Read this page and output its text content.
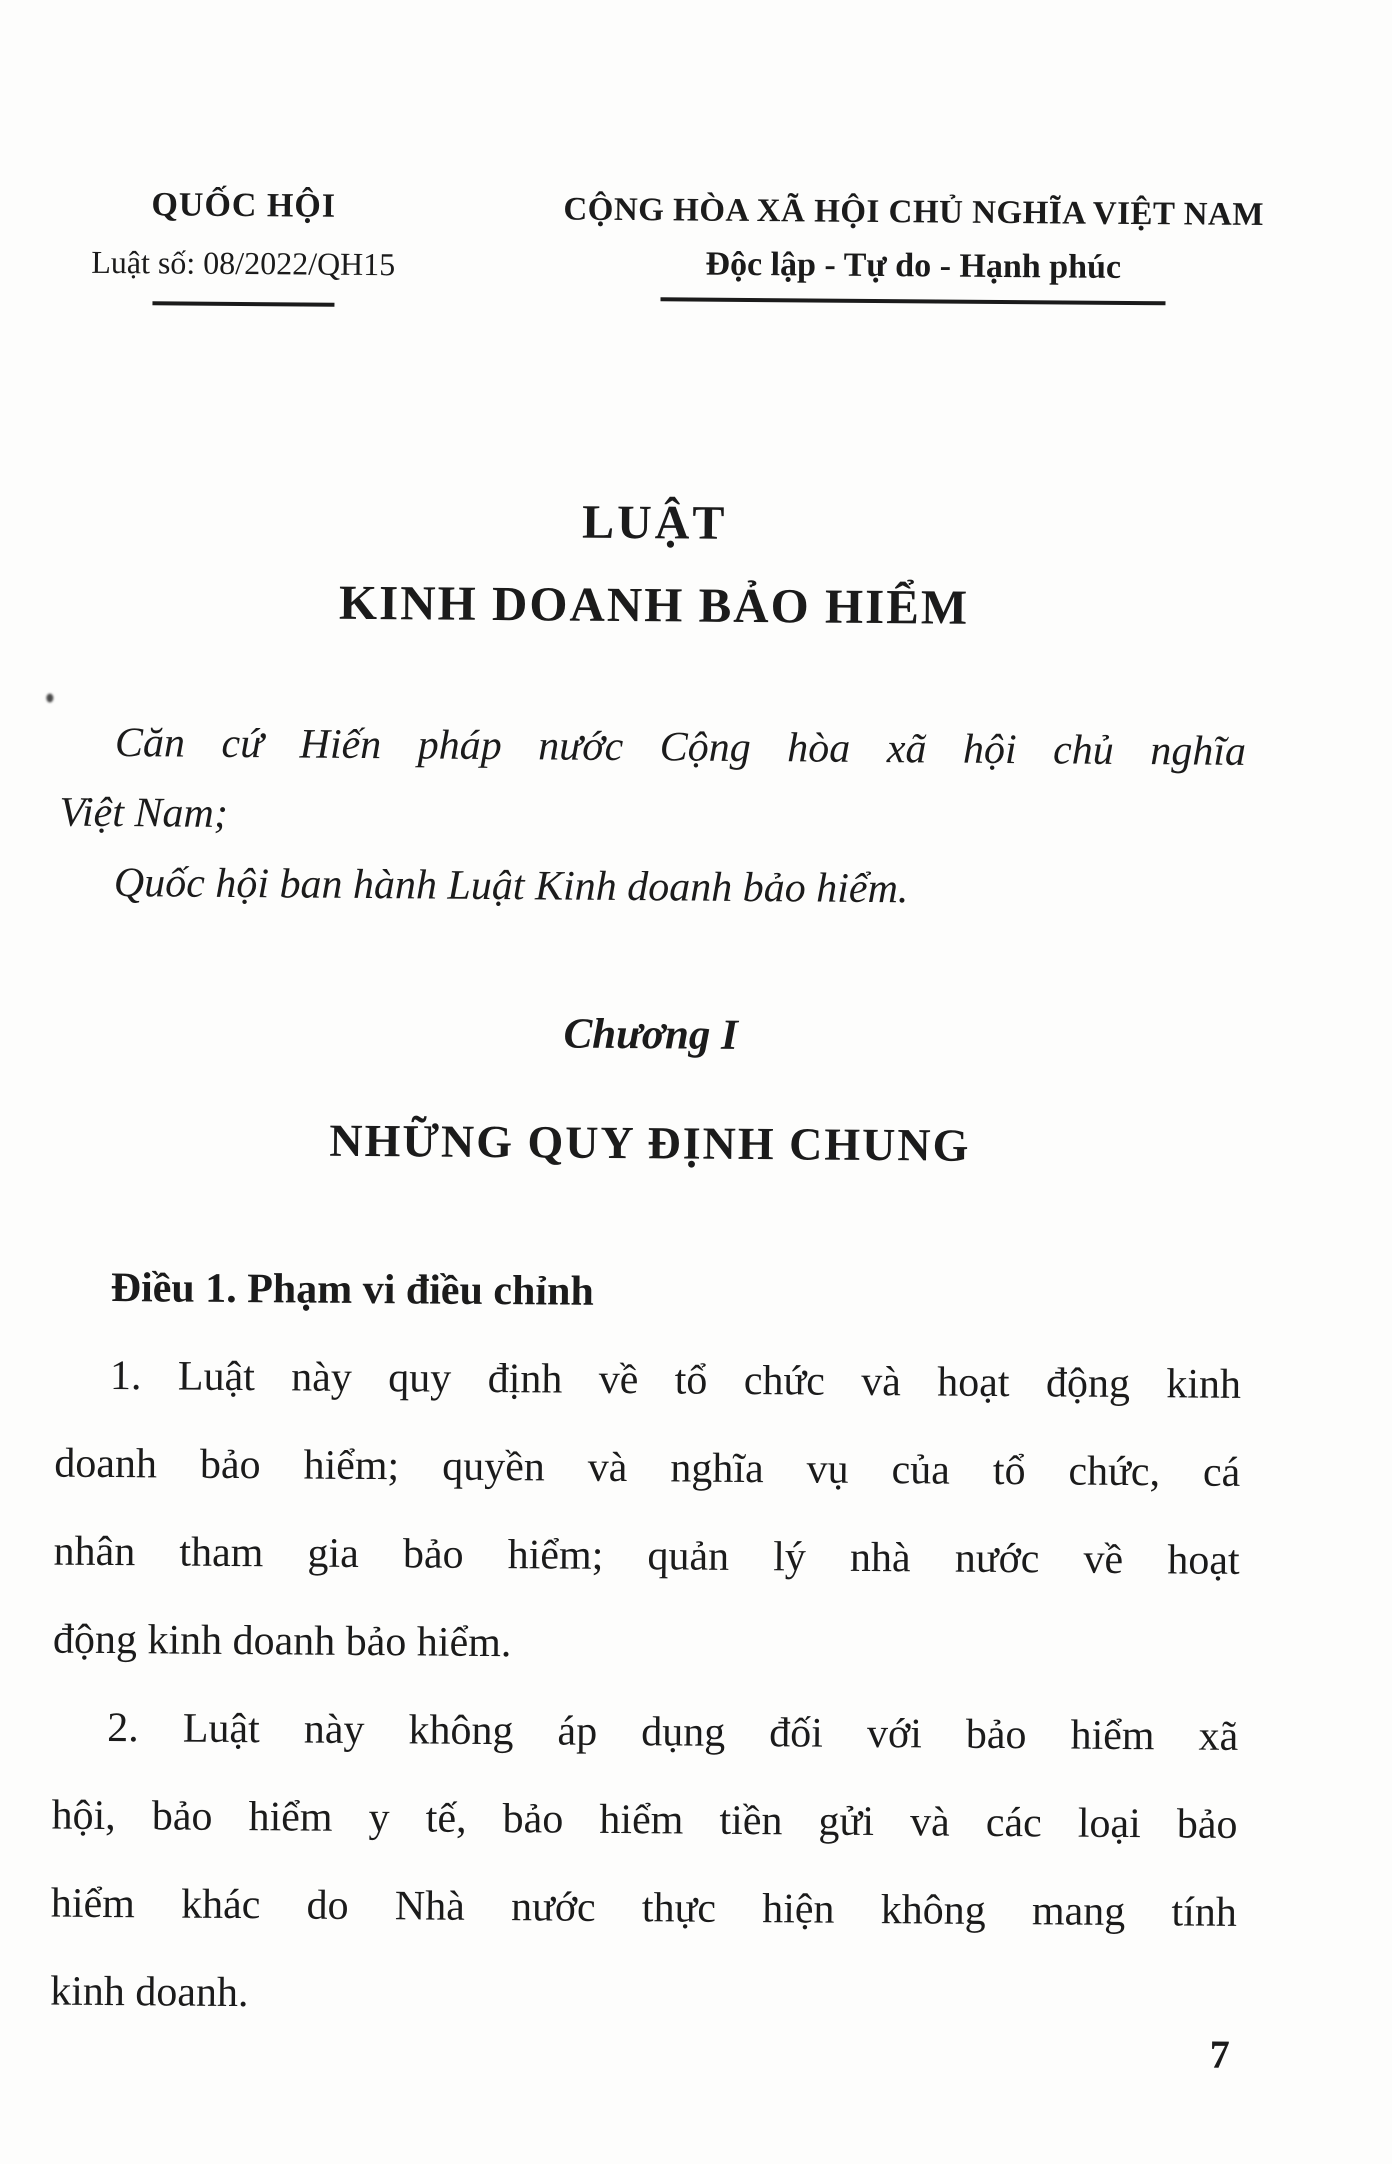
QUỐC HỘI
Luật số: 08/2022/QH15
CỘNG HÒA XÃ HỘI CHỦ NGHĨA VIỆT NAM
Độc lập - Tự do - Hạnh phúc
LUẬT
KINH DOANH BẢO HIỂM
Căn cứ Hiến pháp nước Cộng hòa xã hội chủ nghĩa
Việt Nam;
Quốc hội ban hành Luật Kinh doanh bảo hiểm.
Chương I
NHỮNG QUY ĐỊNH CHUNG
Điều 1. Phạm vi điều chỉnh
1. Luật này quy định về tổ chức và hoạt động kinh
doanh bảo hiểm; quyền và nghĩa vụ của tổ chức, cá
nhân tham gia bảo hiểm; quản lý nhà nước về hoạt
động kinh doanh bảo hiểm.
2. Luật này không áp dụng đối với bảo hiểm xã
hội, bảo hiểm y tế, bảo hiểm tiền gửi và các loại bảo
hiểm khác do Nhà nước thực hiện không mang tính
kinh doanh.
7
